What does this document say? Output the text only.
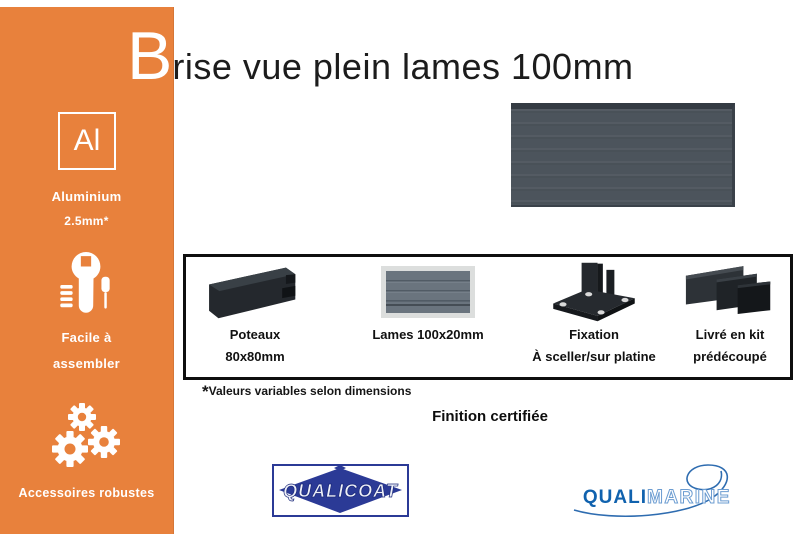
Al
Aluminium
2.5mm*
Facile à
assembler
Accessoires robustes
B rise vue plein lames 100mm
Poteaux
80x80mm
Lames 100x20mm	Fixation
À sceller/sur platine
Livré en kit
prédécoupé
*Valeurs variables selon dimensions
Finition certifiée
QUALICOAT	QUALI MARINE
